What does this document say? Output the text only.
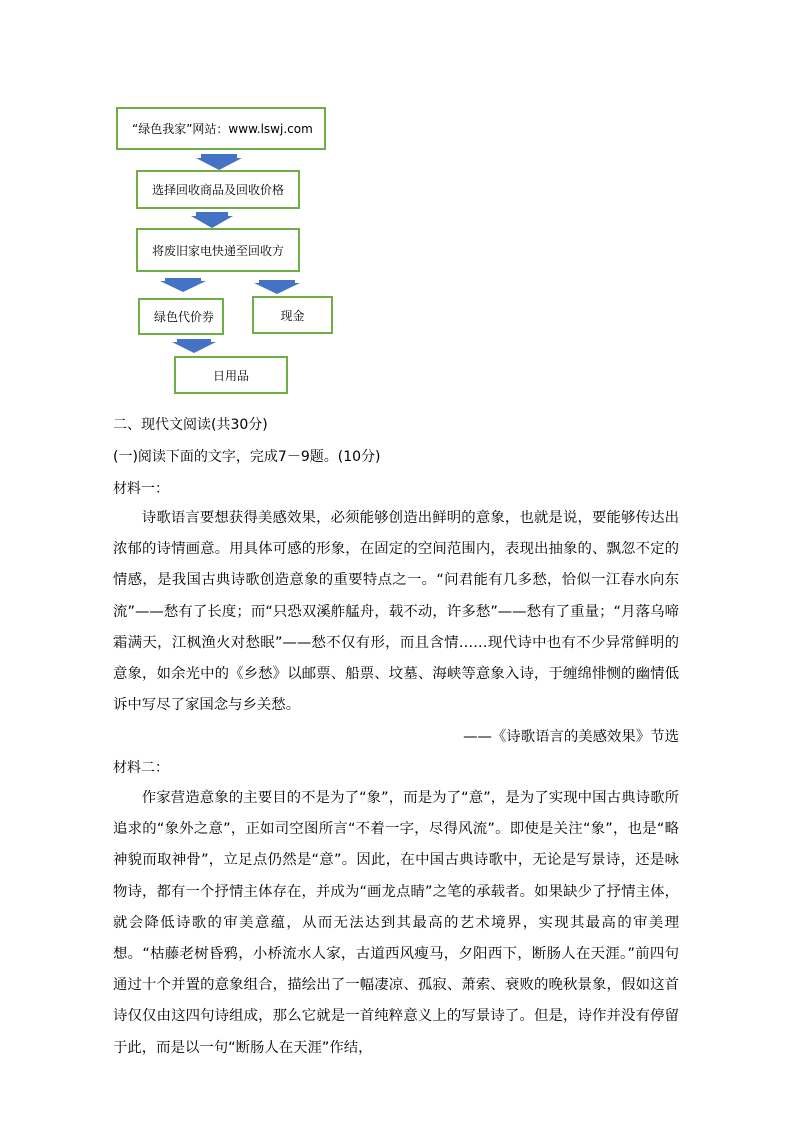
“绿色我家”网站：www.lswj.com
选择回收商品及回收价格
将废旧家电快递至回收方
绿色代价券	现金
日用品
二、现代文阅读(共30分)
(一)阅读下面的文字，完成7－9题。(10分)
材料一：

诗歌语言要想获得美感效果，必须能够创造出鲜明的意象，也就是说，要能够传达出浓郁的诗情画意。用具体可感的形象，在固定的空间范围内，表现出抽象的、飘忽不定的情感，是我国古典诗歌创造意象的重要特点之一。“问君能有几多愁，恰似一江春水向东流”——愁有了长度；而“只恐双溪舴艋舟，载不动，许多愁”——愁有了重量；“月落乌啼霜满天，江枫渔火对愁眠”——愁不仅有形，而且含情……现代诗中也有不少异常鲜明的意象，如余光中的《乡愁》以邮票、船票、坟墓、海峡等意象入诗，于缠绵悱恻的幽情低诉中写尽了家国念与乡关愁。

——《诗歌语言的美感效果》节选
材料二：

作家营造意象的主要目的不是为了“象”，而是为了“意”，是为了实现中国古典诗歌所追求的“象外之意”，正如司空图所言“不着一字，尽得风流”。即使是关注“象”，也是“略神貌而取神骨”，立足点仍然是“意”。因此，在中国古典诗歌中，无论是写景诗，还是咏物诗，都有一个抒情主体存在，并成为“画龙点睛”之笔的承载者。如果缺少了抒情主体，就会降低诗歌的审美意蕴，从而无法达到其最高的艺术境界，实现其最高的审美理想。“枯藤老树昏鸦，小桥流水人家，古道西风瘦马，夕阳西下，断肠人在天涯。”前四句通过十个并置的意象组合，描绘出了一幅凄凉、孤寂、萧索、衰败的晚秋景象，假如这首诗仅仅由这四句诗组成，那么它就是一首纯粹意义上的写景诗了。但是，诗作并没有停留于此，而是以一句“断肠人在天涯”作结，
